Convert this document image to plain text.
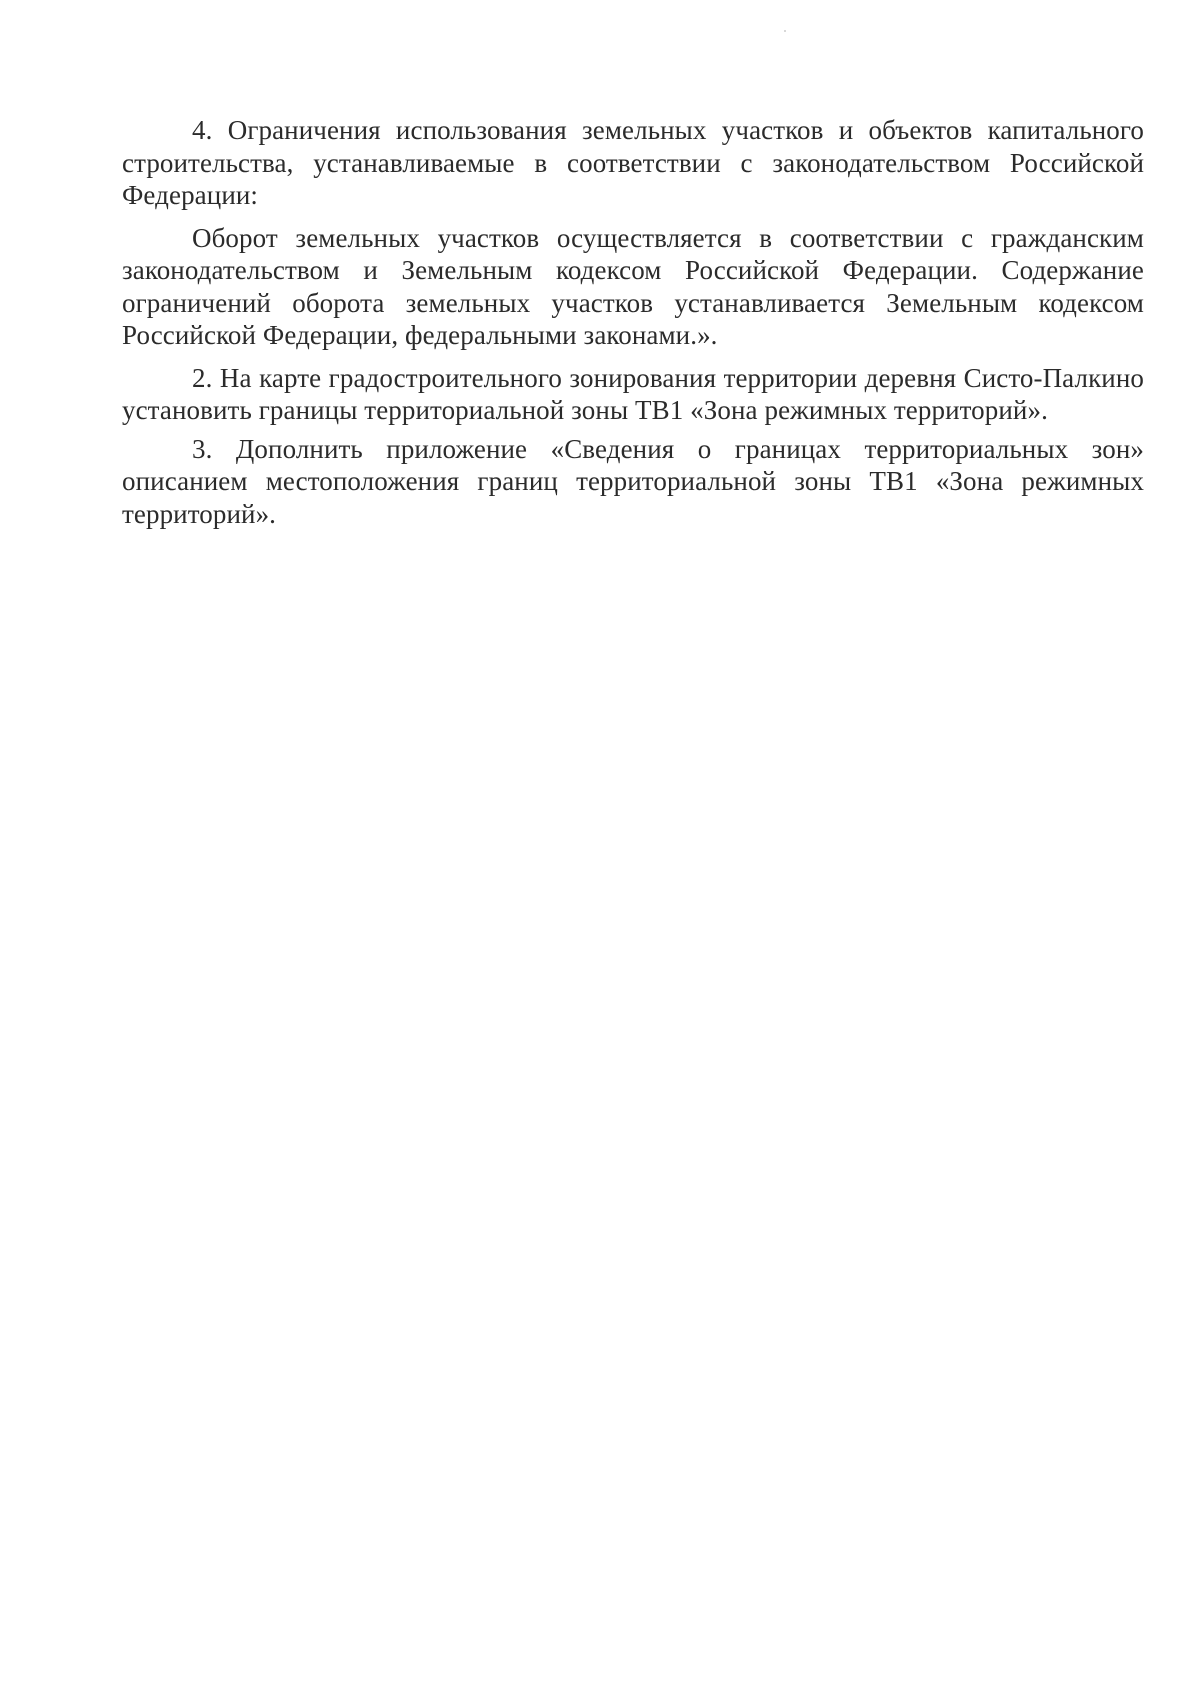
4. Ограничения использования земельных участков и объектов капитального строительства, устанавливаемые в соответствии с законодательством Российской Федерации:

Оборот земельных участков осуществляется в соответствии с гражданским законодательством и Земельным кодексом Российской Федерации. Содержание ограничений оборота земельных участков устанавливается Земельным кодексом Российской Федерации, федеральными законами.».

2. На карте градостроительного зонирования территории деревня Систо-Палкино установить границы территориальной зоны ТВ1 «Зона режимных территорий».

3. Дополнить приложение «Сведения о границах территориальных зон» описанием местоположения границ территориальной зоны ТВ1 «Зона режимных территорий».
